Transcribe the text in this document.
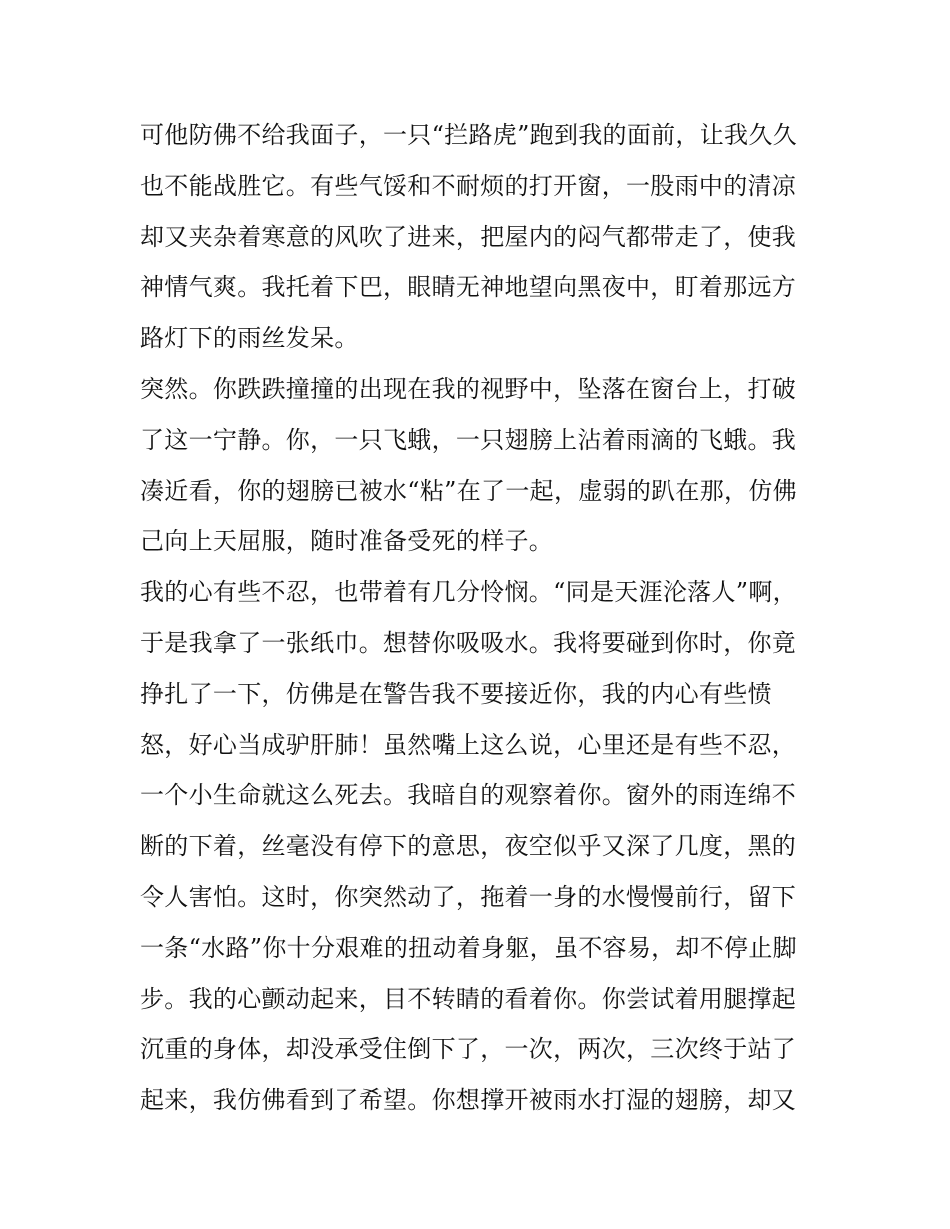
可他防佛不给我面子，一只“拦路虎”跑到我的面前，让我久久
也不能战胜它。有些气馁和不耐烦的打开窗，一股雨中的清凉
却又夹杂着寒意的风吹了进来，把屋内的闷气都带走了，使我
神情气爽。我托着下巴，眼睛无神地望向黑夜中，盯着那远方
路灯下的雨丝发呆。
突然。你跌跌撞撞的出现在我的视野中，坠落在窗台上，打破
了这一宁静。你，一只飞蛾，一只翅膀上沾着雨滴的飞蛾。我
凑近看，你的翅膀已被水“粘”在了一起，虚弱的趴在那，仿佛
己向上天屈服，随时准备受死的样子。
我的心有些不忍，也带着有几分怜悯。“同是天涯沦落人”啊，
于是我拿了一张纸巾。想替你吸吸水。我将要碰到你时，你竟
挣扎了一下，仿佛是在警告我不要接近你，我的内心有些愤
怒，好心当成驴肝肺！虽然嘴上这么说，心里还是有些不忍，
一个小生命就这么死去。我暗自的观察着你。窗外的雨连绵不
断的下着，丝毫没有停下的意思，夜空似乎又深了几度，黑的
令人害怕。这时，你突然动了，拖着一身的水慢慢前行，留下
一条“水路”你十分艰难的扭动着身躯，虽不容易，却不停止脚
步。我的心颤动起来，目不转睛的看着你。你尝试着用腿撑起
沉重的身体，却没承受住倒下了，一次，两次，三次终于站了
起来，我仿佛看到了希望。你想撑开被雨水打湿的翅膀，却又
